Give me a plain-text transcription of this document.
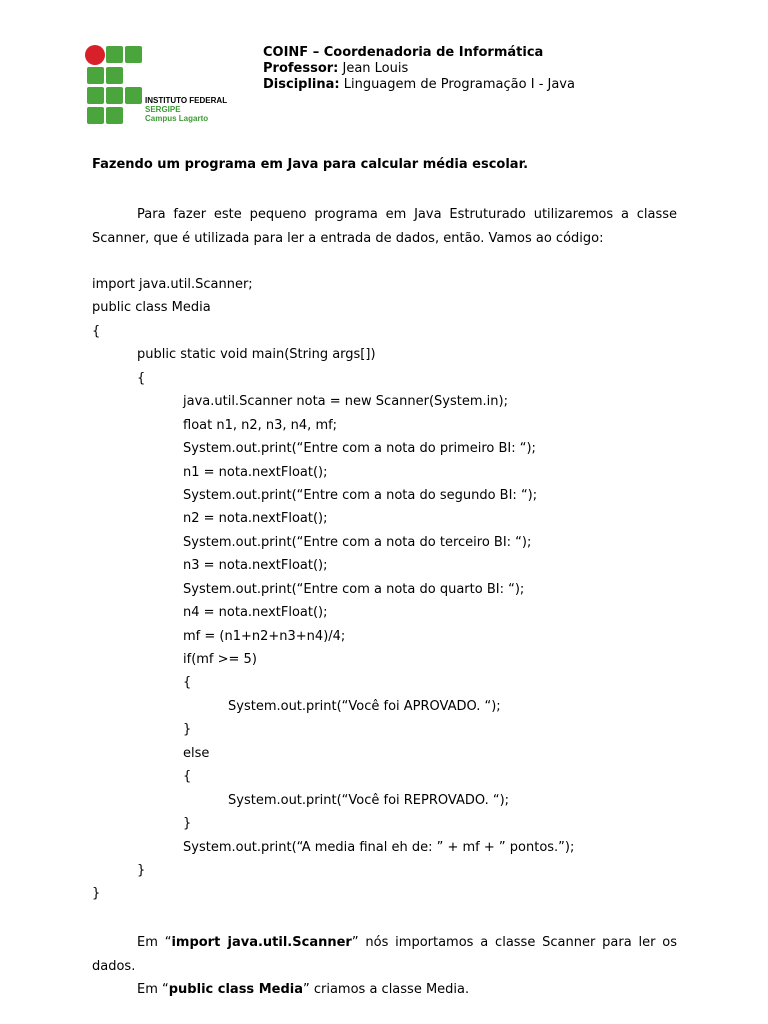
INSTITUTO FEDERAL
SERGIPE
Campus Lagarto
COINF – Coordenadoria de Informática
Professor: Jean Louis
Disciplina: Linguagem de Programação I - Java
Fazendo um programa em Java para calcular média escolar.

Para fazer este pequeno programa em Java Estruturado utilizaremos a classe Scanner, que é utilizada para ler a entrada de dados, então. Vamos ao código:

import java.util.Scanner;
public class Media
{
public static void main(String args[])
{
java.util.Scanner nota = new Scanner(System.in);
float n1, n2, n3, n4, mf;
System.out.print(“Entre com a nota do primeiro BI: “);
n1 = nota.nextFloat();
System.out.print(“Entre com a nota do segundo BI: “);
n2 = nota.nextFloat();
System.out.print(“Entre com a nota do terceiro BI: “);
n3 = nota.nextFloat();
System.out.print(“Entre com a nota do quarto BI: “);
n4 = nota.nextFloat();
mf = (n1+n2+n3+n4)/4;
if(mf >= 5)
{
System.out.print(“Você foi APROVADO. “);
}
else
{
System.out.print(“Você foi REPROVADO. “);
}
System.out.print(“A media final eh de: ” + mf + ” pontos.”);
}
}

Em “import java.util.Scanner” nós importamos a classe Scanner para ler os dados.

Em “public class Media” criamos a classe Media.
